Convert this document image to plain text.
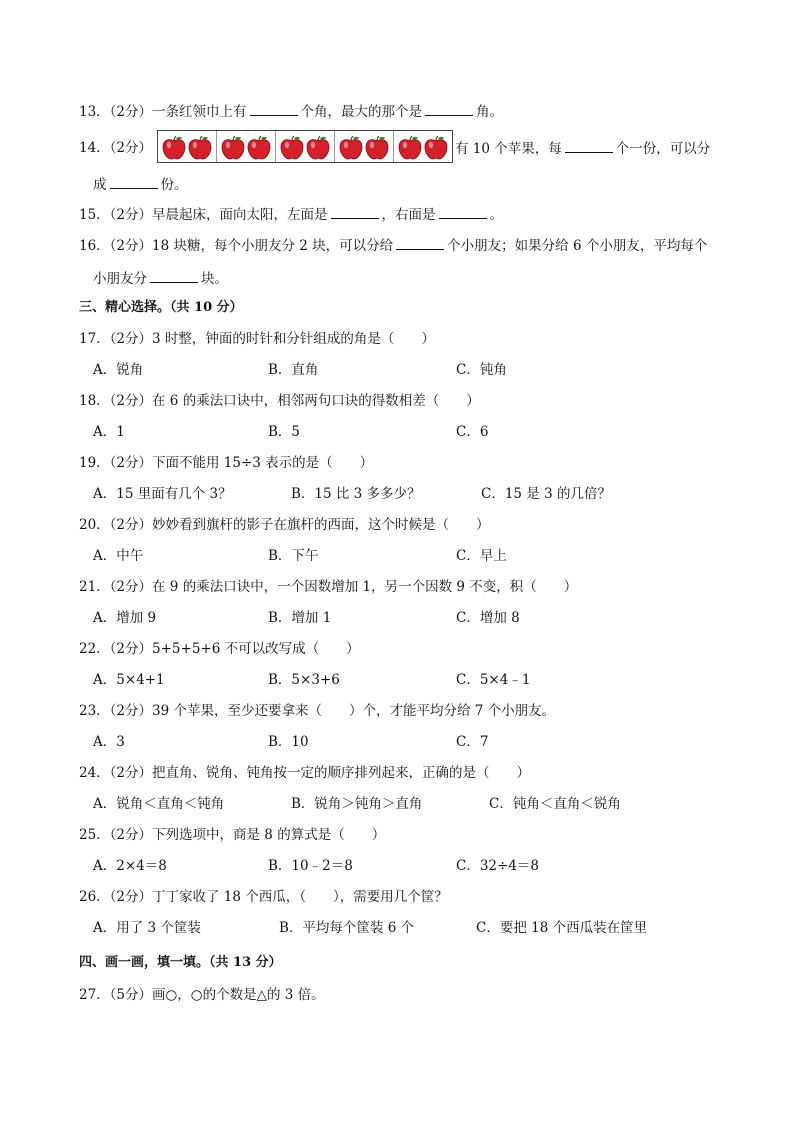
13．（2分）一条红领巾上有	个角，最大的那个是	角。
14．（2分）	有 10 个苹果，每	个一份，可以分
成	份。
15．（2分）早晨起床，面向太阳，左面是	，右面是	。
16．（2分）18 块糖，每个小朋友分 2 块，可以分给	个小朋友；如果分给 6 个小朋友，平均每个
小朋友分	块。
三、精心选择。（共 10 分）
17．（2分）3 时整，钟面的时针和分针组成的角是（　　）
A．锐角	B．直角	C．钝角
18．（2分）在 6 的乘法口诀中，相邻两句口诀的得数相差（　　）
A．1	B．5	C．6
19．（2分）下面不能用 15÷3 表示的是（　　）
A．15 里面有几个 3？	B．15 比 3 多多少？	C．15 是 3 的几倍？
20．（2分）妙妙看到旗杆的影子在旗杆的西面，这个时候是（　　）
A．中午	B．下午	C．早上
21．（2分）在 9 的乘法口诀中，一个因数增加 1，另一个因数 9 不变，积（　　）
A．增加 9	B．增加 1	C．增加 8
22．（2分）5+5+5+6 不可以改写成（　　）
A．5×4+1	B．5×3+6	C．5×4﹣1
23．（2分）39 个苹果，至少还要拿来（　　）个，才能平均分给 7 个小朋友。
A．3	B．10	C．7
24．（2分）把直角、锐角、钝角按一定的顺序排列起来，正确的是（　　）
A．锐角＜直角＜钝角	B．锐角＞钝角＞直角	C．钝角＜直角＜锐角
25．（2分）下列选项中，商是 8 的算式是（　　）
A．2×4＝8	B．10﹣2＝8	C．32÷4＝8
26．（2分）丁丁家收了 18 个西瓜，（　　），需要用几个筐？
A．用了 3 个筐装	B．平均每个筐装 6 个	C．要把 18 个西瓜装在筐里
四、画一画，填一填。（共 13 分）
27．（5分）画○，○的个数是△的 3 倍。
